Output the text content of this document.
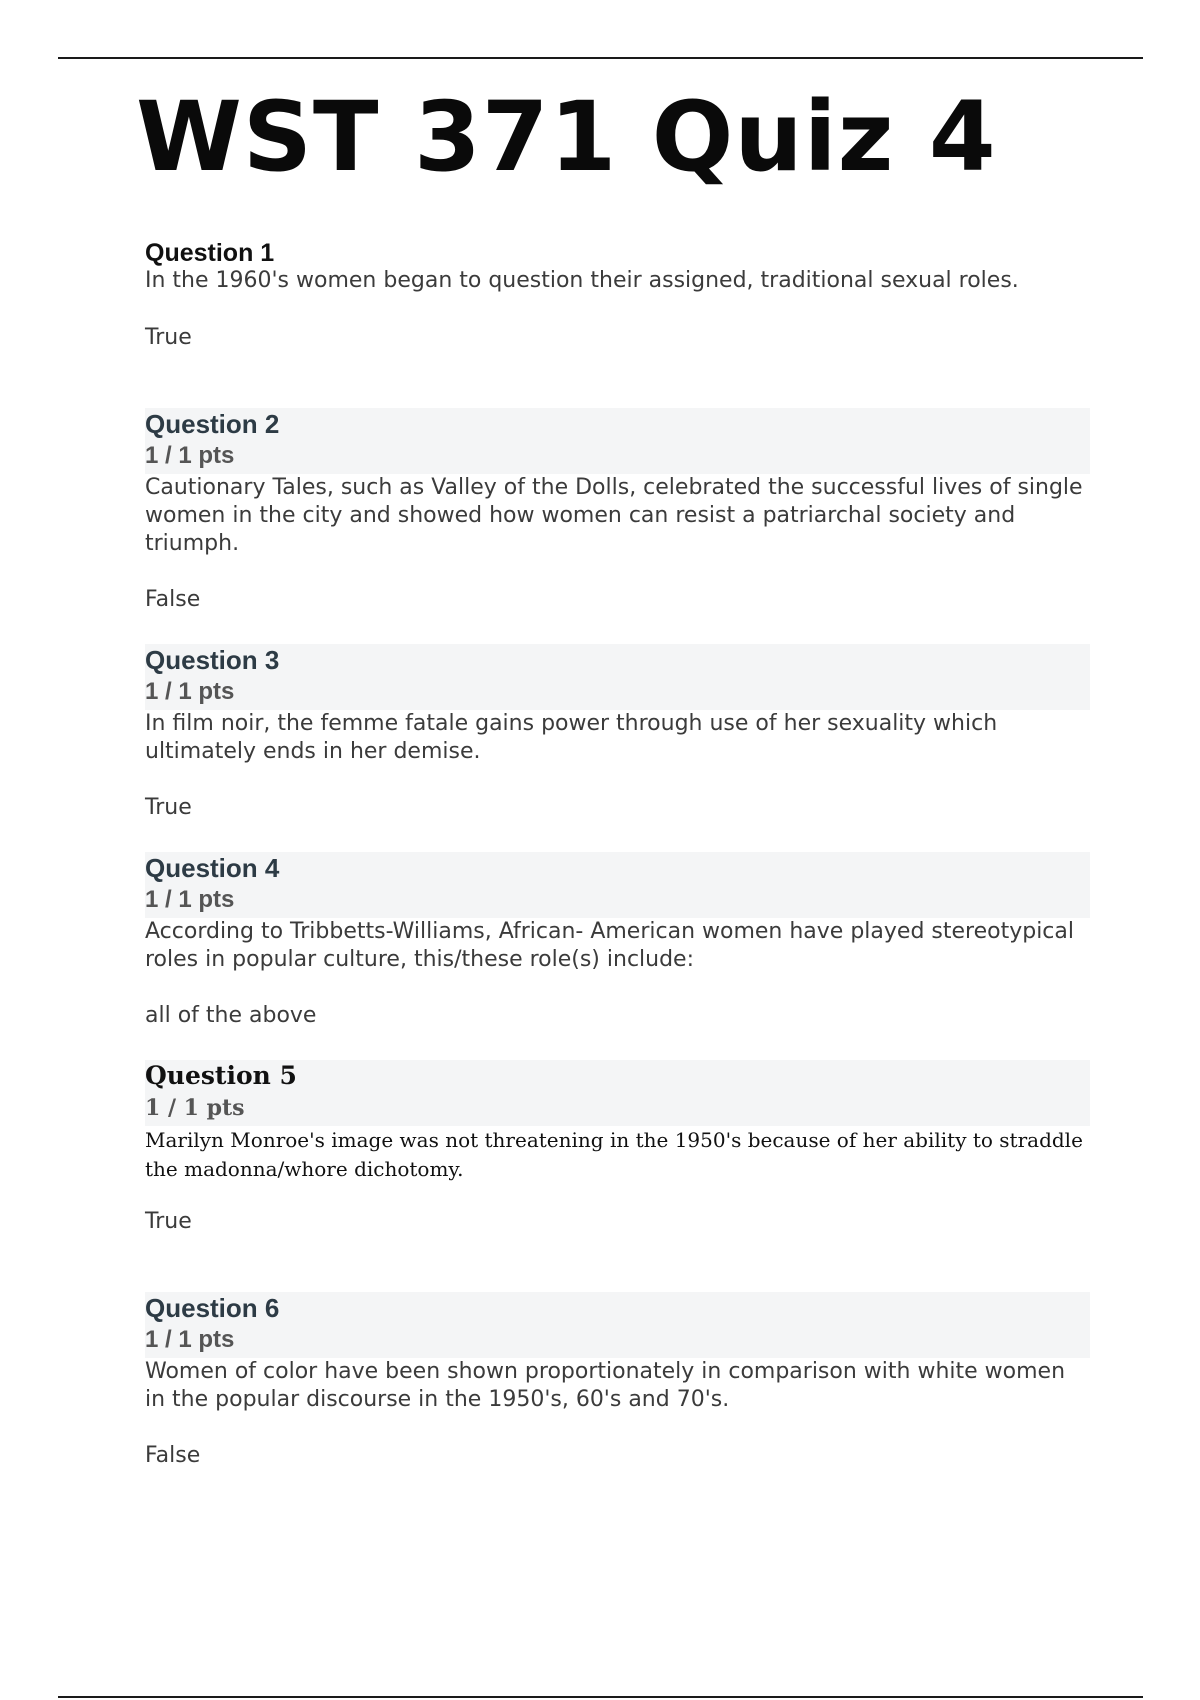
WST 371 Quiz 4
Question 1

In the 1960's women began to question their assigned, traditional sexual roles.

True
Question 2
1 / 1 pts

Cautionary Tales, such as Valley of the Dolls, celebrated the successful lives of single women in the city and showed how women can resist a patriarchal society and triumph.

False
Question 3
1 / 1 pts

In film noir, the femme fatale gains power through use of her sexuality which ultimately ends in her demise.

True
Question 4
1 / 1 pts

According to Tribbetts-Williams, African- American women have played stereotypical roles in popular culture, this/these role(s) include:

all of the above
Question 5
1 / 1 pts

Marilyn Monroe's image was not threatening in the 1950's because of her ability to straddle the madonna/whore dichotomy.

True
Question 6
1 / 1 pts

Women of color have been shown proportionately in comparison with white women in the popular discourse in the 1950's, 60's and 70's.

False
